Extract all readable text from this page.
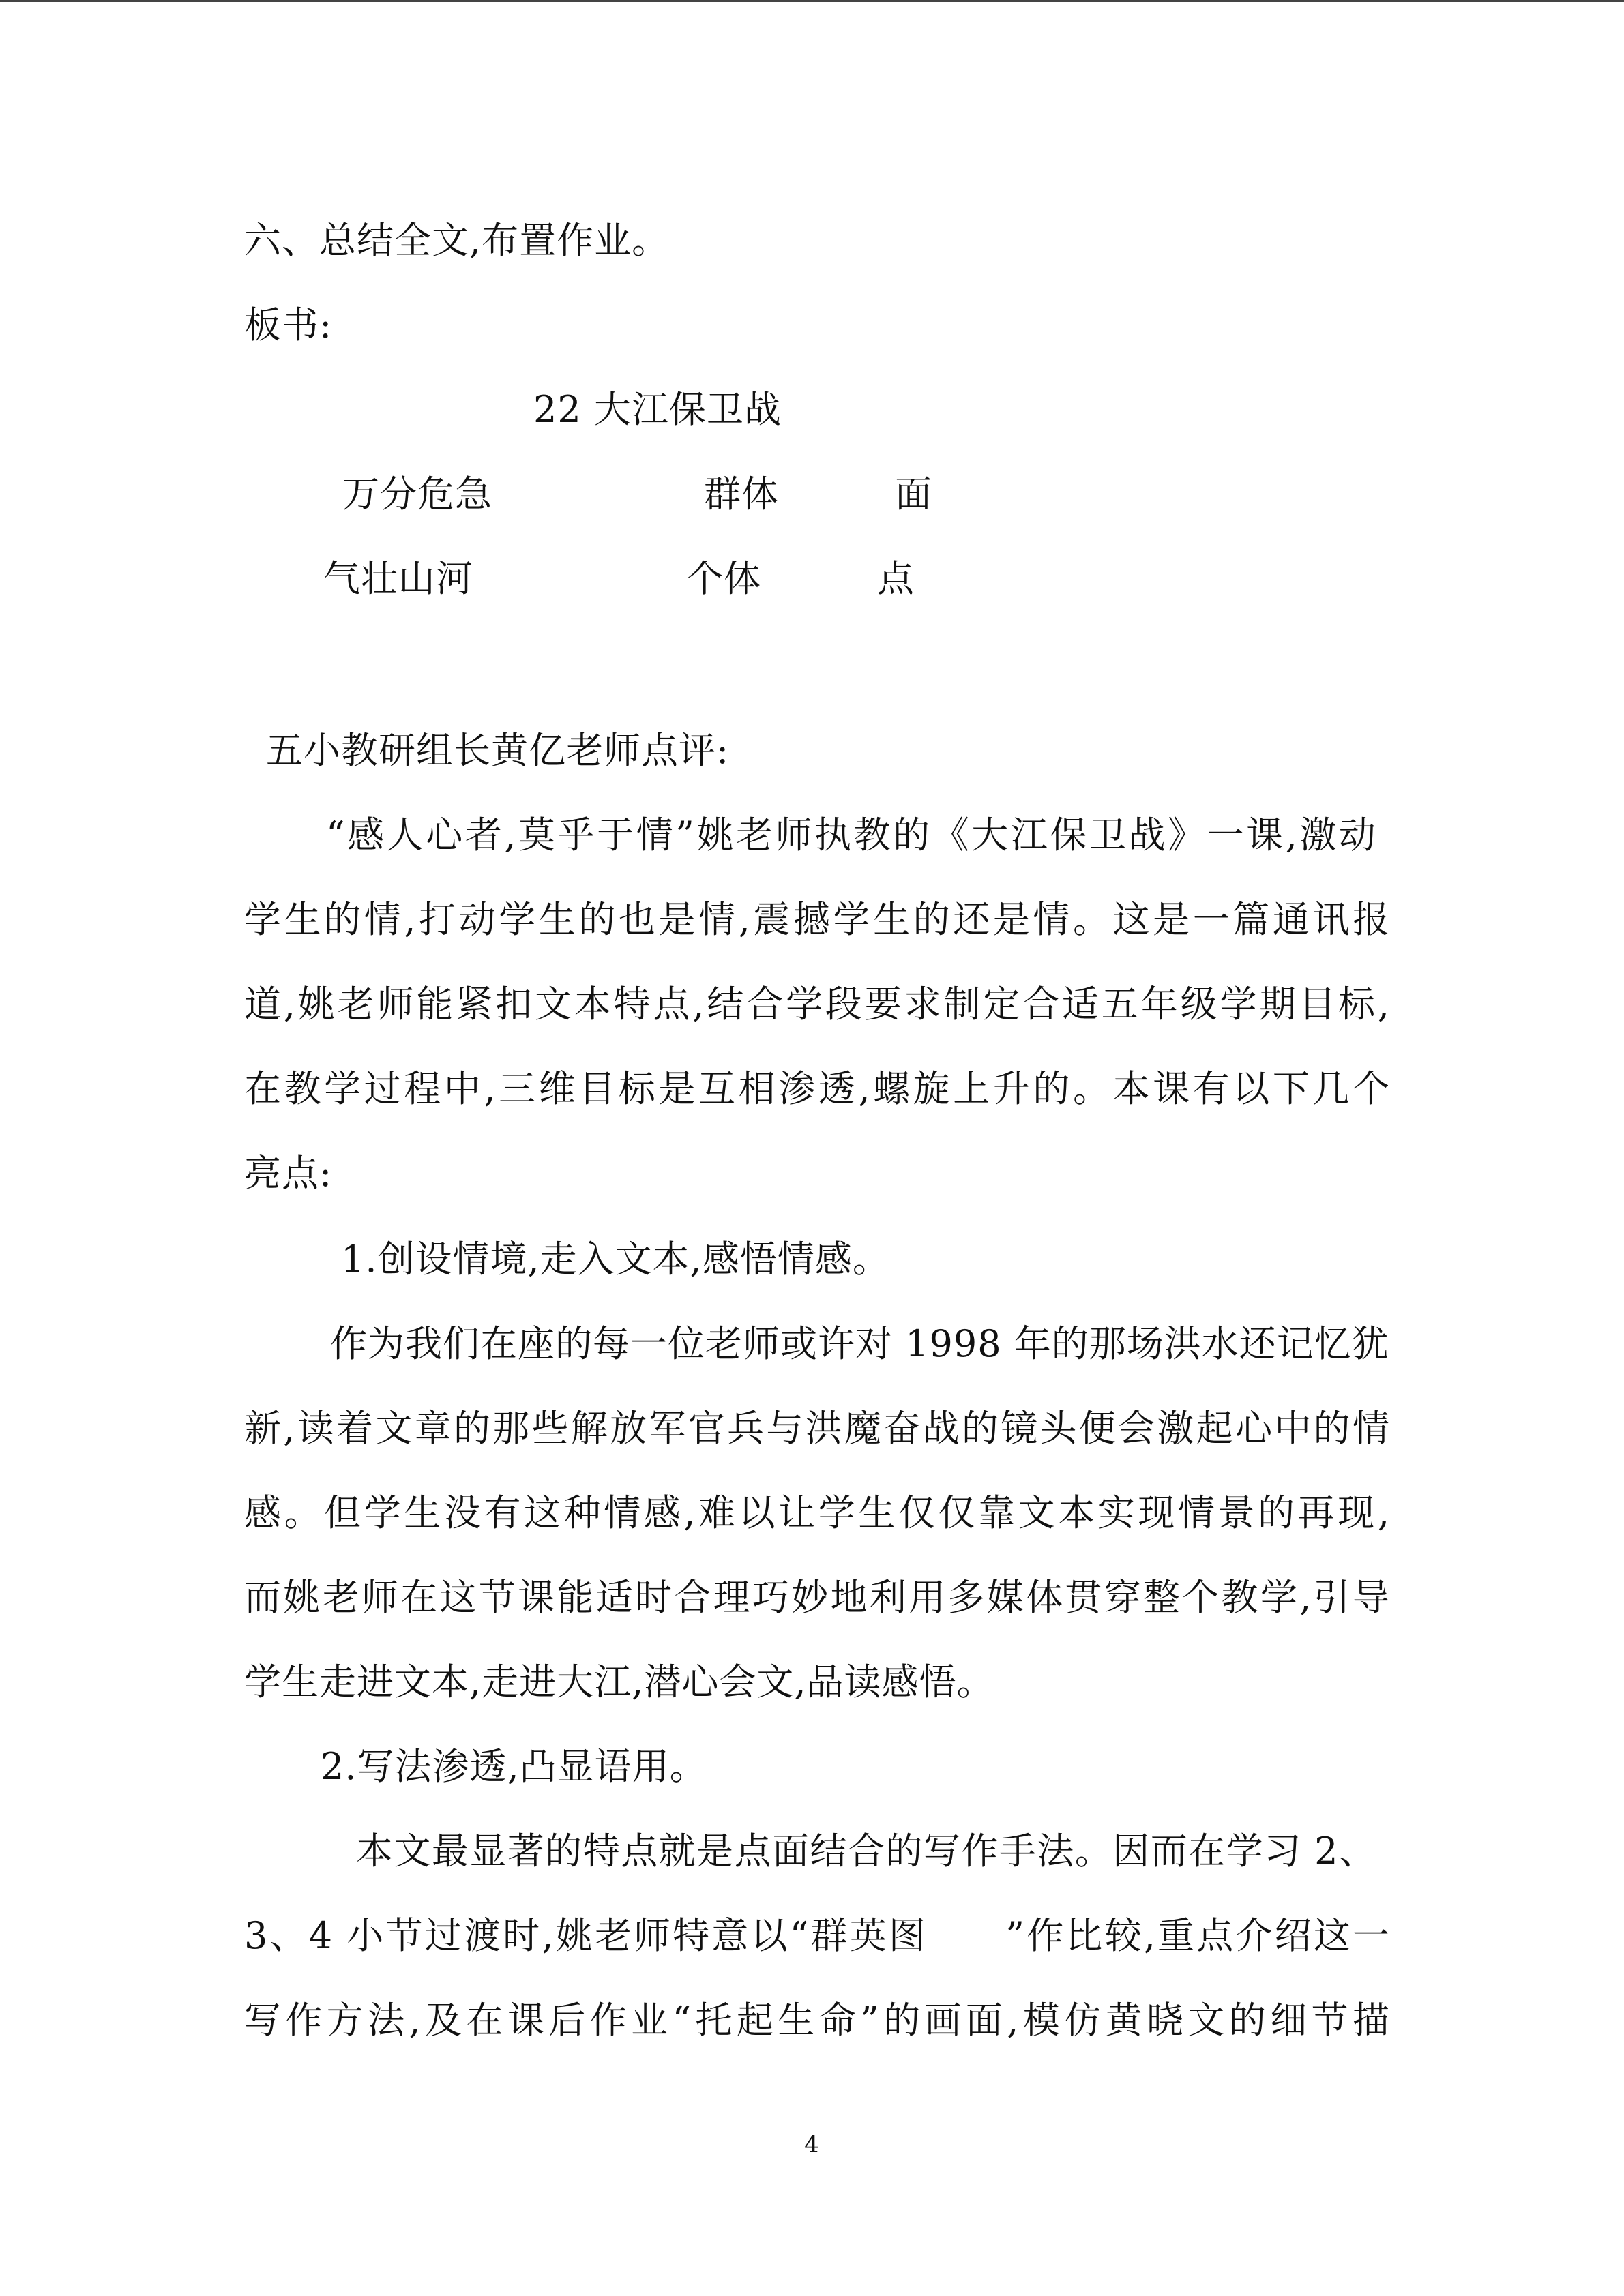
六、总结全文,布置作业。
板书:
22 大江保卫战
万分危急	群体	面
气壮山河	个体	点
五小教研组长黄亿老师点评:
“感人心者,莫乎于情”姚老师执教的《大江保卫战》一课,激动
学生的情,打动学生的也是情,震撼学生的还是情。这是一篇通讯报
道,姚老师能紧扣文本特点,结合学段要求制定合适五年级学期目标,
在教学过程中,三维目标是互相渗透,螺旋上升的。本课有以下几个
亮点:
1.创设情境,走入文本,感悟情感。
作为我们在座的每一位老师或许对 1998 年的那场洪水还记忆犹
新,读着文章的那些解放军官兵与洪魔奋战的镜头便会激起心中的情
感。但学生没有这种情感,难以让学生仅仅靠文本实现情景的再现,
而姚老师在这节课能适时合理巧妙地利用多媒体贯穿整个教学,引导
学生走进文本,走进大江,潜心会文,品读感悟。
2.写法渗透,凸显语用。
本文最显著的特点就是点面结合的写作手法。因而在学习 2、
3、4 小节过渡时,姚老师特意以“群英图　　”作比较,重点介绍这一
写作方法,及在课后作业“托起生命”的画面,模仿黄晓文的细节描
4
